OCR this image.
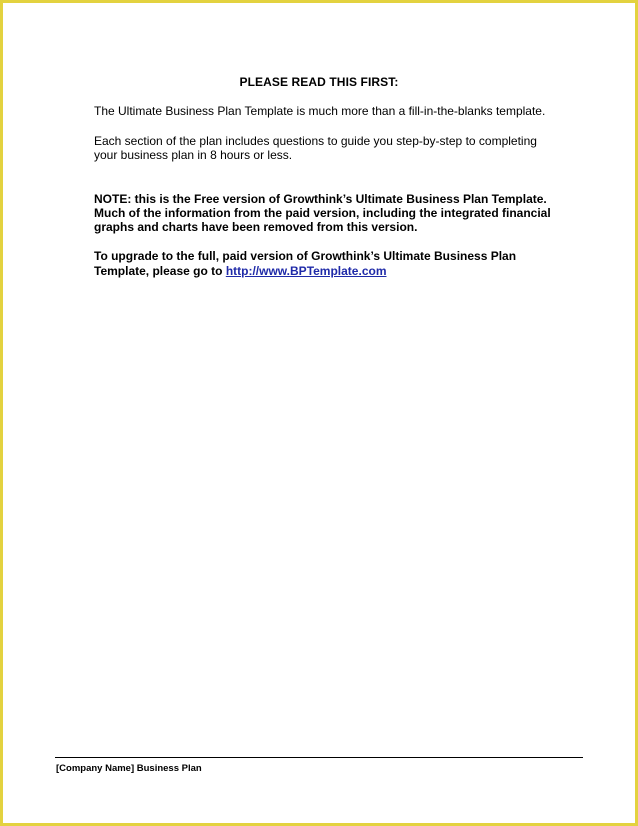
PLEASE READ THIS FIRST:

The Ultimate Business Plan Template is much more than a fill-in-the-blanks template.

Each section of the plan includes questions to guide you step-by-step to completing your business plan in 8 hours or less.

NOTE: this is the Free version of Growthink’s Ultimate Business Plan Template. Much of the information from the paid version, including the integrated financial graphs and charts have been removed from this version.

To upgrade to the full, paid version of Growthink’s Ultimate Business Plan Template, please go to http://www.BPTemplate.com

[Company Name] Business Plan
